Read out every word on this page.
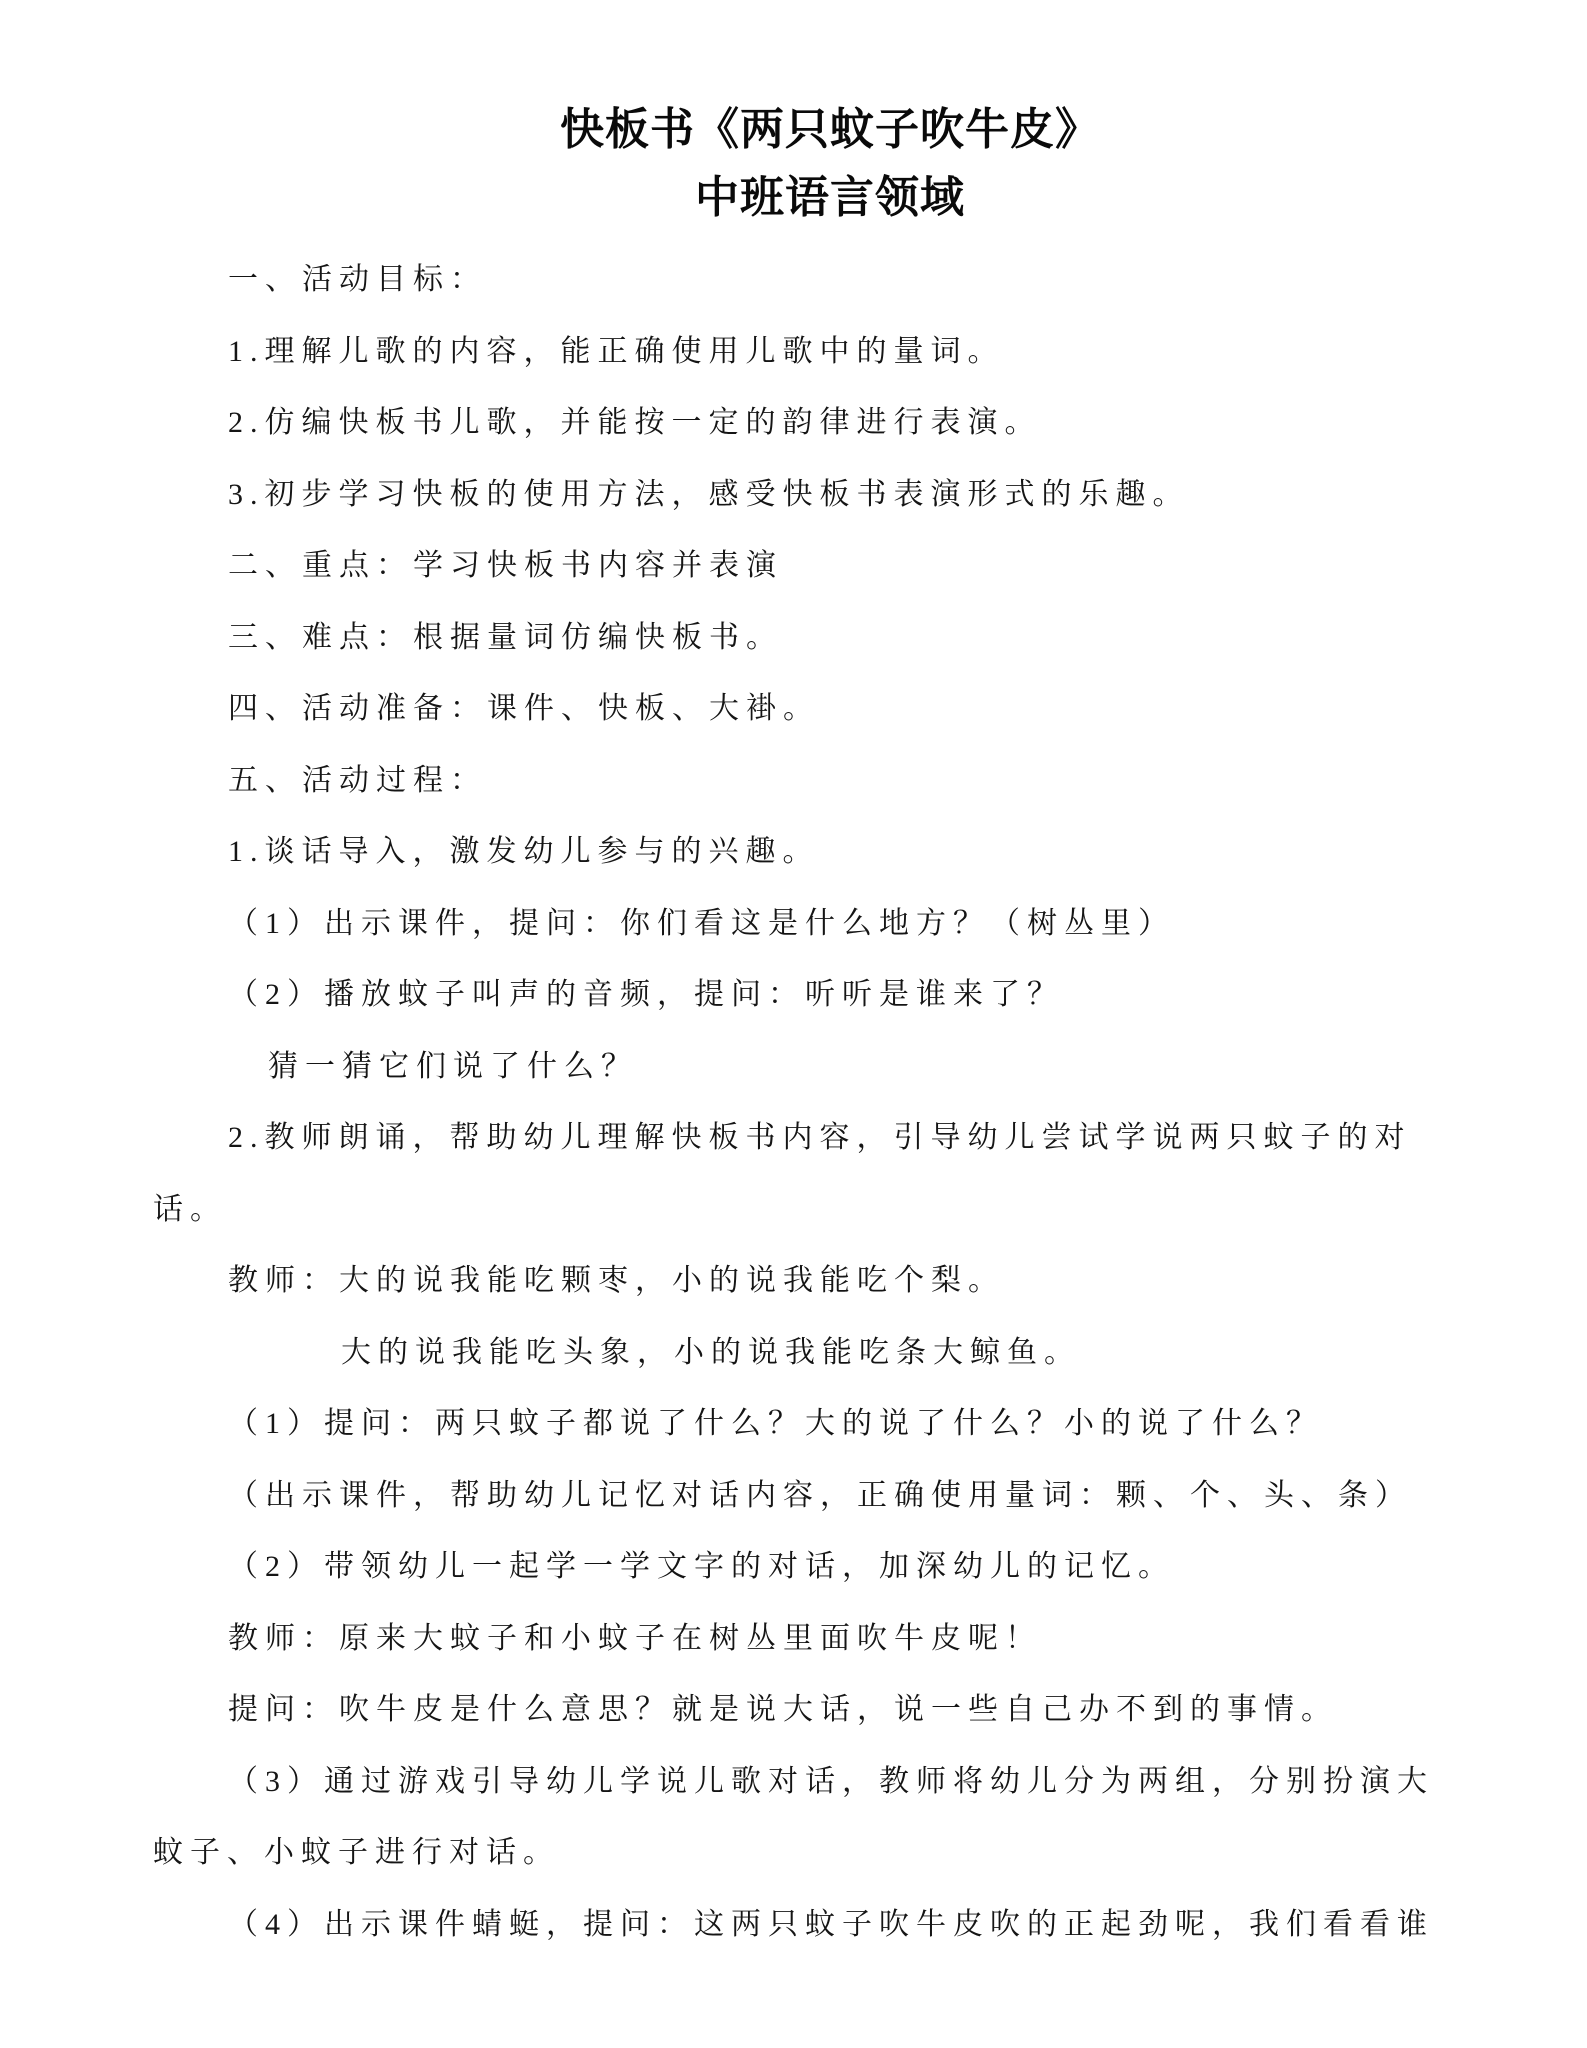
快板书《两只蚊子吹牛皮》
中班语言领域
一、活动目标：
1.理解儿歌的内容，能正确使用儿歌中的量词。
2.仿编快板书儿歌，并能按一定的韵律进行表演。
3.初步学习快板的使用方法，感受快板书表演形式的乐趣。
二、重点：学习快板书内容并表演
三、难点：根据量词仿编快板书。
四、活动准备：课件、快板、大褂。
五、活动过程：
1.谈话导入，激发幼儿参与的兴趣。
（1）出示课件，提问：你们看这是什么地方？（树丛里）
（2）播放蚊子叫声的音频，提问：听听是谁来了？
猜一猜它们说了什么？
2.教师朗诵，帮助幼儿理解快板书内容，引导幼儿尝试学说两只蚊子的对
话。
教师：大的说我能吃颗枣，小的说我能吃个梨。
大的说我能吃头象，小的说我能吃条大鲸鱼。
（1）提问：两只蚊子都说了什么？大的说了什么？小的说了什么？
（出示课件，帮助幼儿记忆对话内容，正确使用量词：颗、个、头、条）
（2）带领幼儿一起学一学文字的对话，加深幼儿的记忆。
教师：原来大蚊子和小蚊子在树丛里面吹牛皮呢！
提问：吹牛皮是什么意思？就是说大话，说一些自己办不到的事情。
（3）通过游戏引导幼儿学说儿歌对话，教师将幼儿分为两组，分别扮演大
蚊子、小蚊子进行对话。
（4）出示课件蜻蜓，提问：这两只蚊子吹牛皮吹的正起劲呢，我们看看谁
